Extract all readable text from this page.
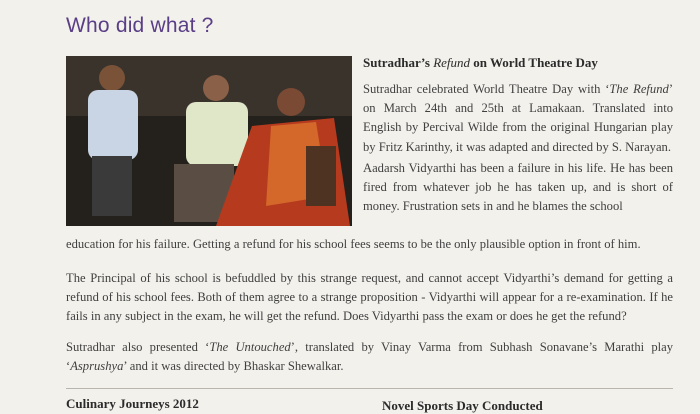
Who did what ?
Sutradhar’s Refund on World Theatre Day
Sutradhar celebrated World Theatre Day with ‘The Refund’ on March 24th and 25th at Lamakaan. Translated into English by Percival Wilde from the original Hungarian play by Fritz Karinthy, it was adapted and directed by S. Narayan.
Aadarsh Vidyarthi has been a failure in his life. He has been fired from whatever job he has taken up, and is short of money. Frustration sets in and he blames the school
education for his failure. Getting a refund for his school fees seems to be the only plausible option in front of him.
The Principal of his school is befuddled by this strange request, and cannot accept Vidyarthi’s demand for getting a refund of his school fees. Both of them agree to a strange proposition - Vidyarthi will appear for a re-examination. If he fails in any subject in the exam, he will get the refund. Does Vidyarthi pass the exam or does he get the refund?
Sutradhar also presented ‘The Untouched’, translated by Vinay Varma from Subhash Sonavane’s Marathi play ‘Asprushya’ and it was directed by Bhaskar Shewalkar.
Culinary Journeys 2012	Novel Sports Day Conducted
